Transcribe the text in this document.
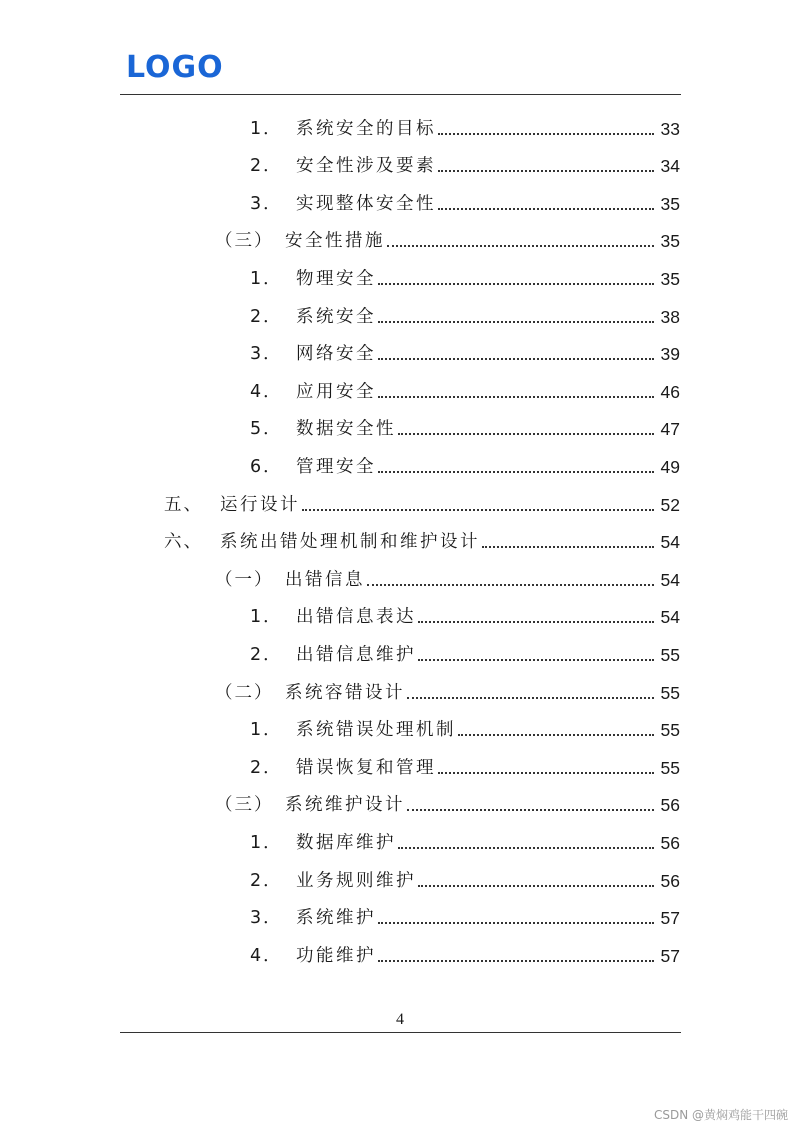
LOGO
1． 系统安全的目标	33
2． 安全性涉及要素	34
3． 实现整体安全性	35
（三） 安全性措施	35
1． 物理安全	35
2． 系统安全	38
3． 网络安全	39
4． 应用安全	46
5． 数据安全性	47
6． 管理安全	49
五、 运行设计	52
六、 系统出错处理机制和维护设计	54
（一） 出错信息	54
1． 出错信息表达	54
2． 出错信息维护	55
（二） 系统容错设计	55
1． 系统错误处理机制	55
2． 错误恢复和管理	55
（三） 系统维护设计	56
1． 数据库维护	56
2． 业务规则维护	56
3． 系统维护	57
4． 功能维护	57
4
CSDN @黄焖鸡能干四碗
